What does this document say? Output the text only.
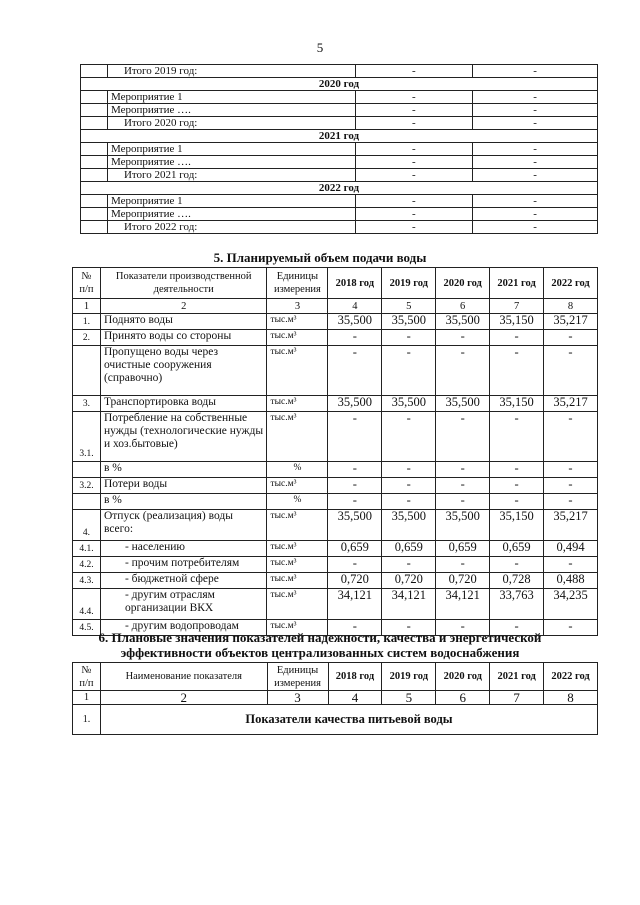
5
	Итого 2019 год:	-	-
2020 год			
	Мероприятие 1	-	-
	Мероприятие ….	-	-
	Итого 2020 год:	-	-
2021 год			
	Мероприятие 1	-	-
	Мероприятие ….	-	-
	Итого 2021 год:	-	-
2022 год			
	Мероприятие 1	-	-
	Мероприятие ….	-	-
	Итого 2022 год:	-	-
5. Планируемый объем подачи воды
№ п/п	Показатели производственной деятельности	Единицы измерения	2018 год	2019 год	2020 год	2021 год	2022 год
1	2	3	4	5	6	7	8
1.	Поднято воды	тыс.м³	35,500	35,500	35,500	35,150	35,217
2.	Принято воды со стороны	тыс.м³	-	-	-	-	-
	Пропущено воды через очистные сооружения (справочно)	тыс.м³	-	-	-	-	-
3.	Транспортировка воды	тыс.м³	35,500	35,500	35,500	35,150	35,217
3.1.	Потребление на собственные нужды (технологические нужды и хоз.бытовые)	тыс.м³	-	-	-	-	-
	в %	%	-	-	-	-	-
3.2.	Потери воды	тыс.м³	-	-	-	-	-
	в %	%	-	-	-	-	-
4.	Отпуск (реализация) воды всего:	тыс.м³	35,500	35,500	35,500	35,150	35,217
4.1.	- населению	тыс.м³	0,659	0,659	0,659	0,659	0,494
4.2.	- прочим потребителям	тыс.м³	-	-	-	-	-
4.3.	- бюджетной сфере	тыс.м³	0,720	0,720	0,720	0,728	0,488
4.4.	- другим отраслям организации ВКХ	тыс.м³	34,121	34,121	34,121	33,763	34,235
4.5.	- другим водопроводам	тыс.м³	-	-	-	-	-
6. Плановые значения показателей надежности, качества и энергетической
эффективности объектов централизованных систем водоснабжения
№ п/п	Наименование показателя	Единицы измерения	2018 год	2019 год	2020 год	2021 год	2022 год
1	2	3	4	5	6	7	8
1.	Показатели качества питьевой воды						
